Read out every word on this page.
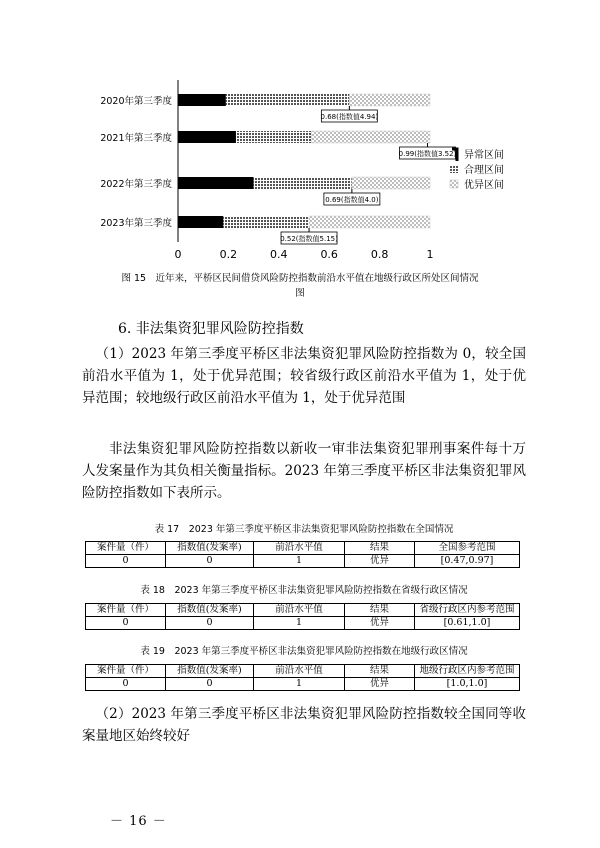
0	0.2	0.4	0.6	0.8	1
2020年第三季度
2021年第三季度
2022年第三季度
2023年第三季度
0.68(指数值4.94)
0.99(指数值3.52)
0.69(指数值4.0)
0.52(指数值5.15)
异常区间
合理区间
优异区间
图 15　近年来，平桥区民间借贷风险防控指数前沿水平值在地级行政区所处区间情况
图
6. 非法集资犯罪风险防控指数

（1）2023 年第三季度平桥区非法集资犯罪风险防控指数为 0，较全国前沿水平值为 1，处于优异范围；较省级行政区前沿水平值为 1，处于优异范围；较地级行政区前沿水平值为 1，处于优异范围

非法集资犯罪风险防控指数以新收一审非法集资犯罪刑事案件每十万人发案量作为其负相关衡量指标。2023 年第三季度平桥区非法集资犯罪风险防控指数如下表所示。

表 17　2023 年第三季度平桥区非法集资犯罪风险防控指数在全国情况
案件量（件）	指数值(发案率)	前沿水平值	结果	全国参考范围
0	0	1	优异	[0.47,0.97]
表 18　2023 年第三季度平桥区非法集资犯罪风险防控指数在省级行政区情况
案件量（件）	指数值(发案率)	前沿水平值	结果	省级行政区内参考范围
0	0	1	优异	[0.61,1.0]
表 19　2023 年第三季度平桥区非法集资犯罪风险防控指数在地级行政区情况
案件量（件）	指数值(发案率)	前沿水平值	结果	地级行政区内参考范围
0	0	1	优异	[1.0,1.0]

（2）2023 年第三季度平桥区非法集资犯罪风险防控指数较全国同等收案量地区始终较好

－ 16 －
